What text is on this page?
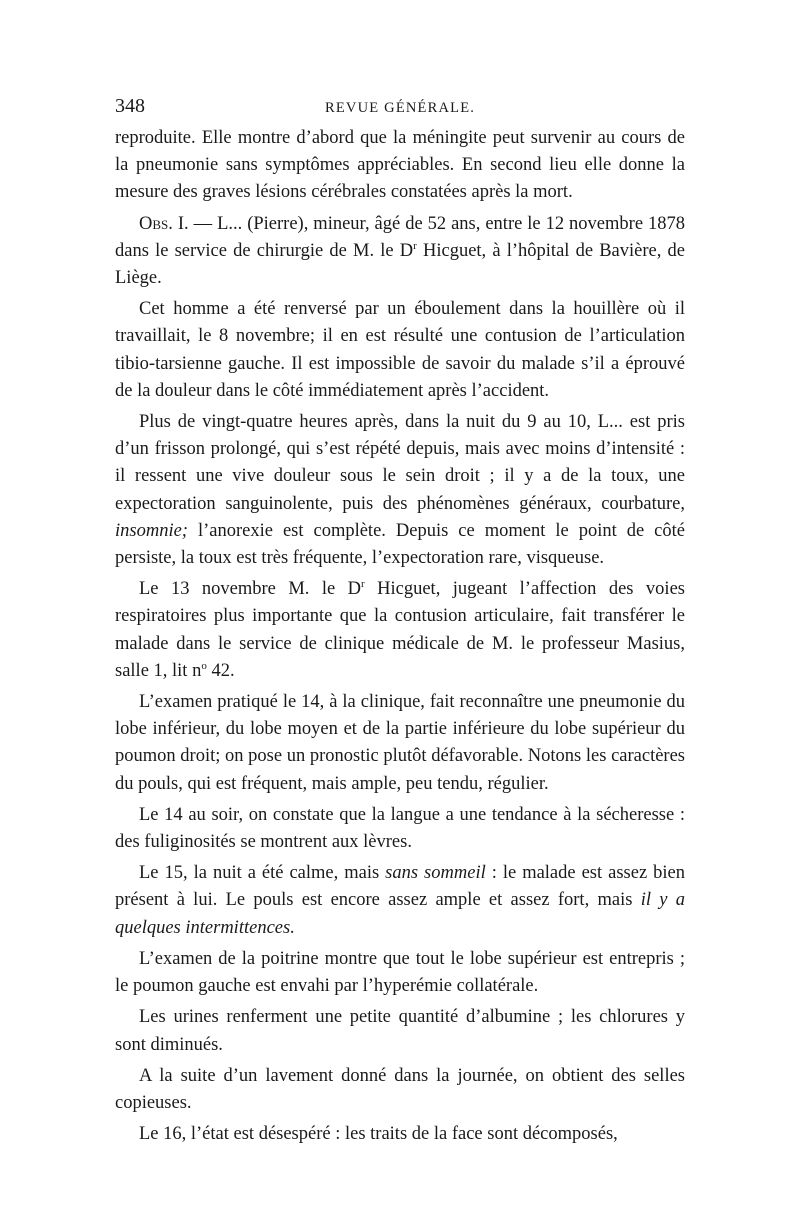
348	REVUE GÉNÉRALE.

reproduite. Elle montre d’abord que la méningite peut survenir au cours de la pneumonie sans symptômes appréciables. En second lieu elle donne la mesure des graves lésions cérébrales constatées après la mort.

Obs. I. — L... (Pierre), mineur, âgé de 52 ans, entre le 12 novembre 1878 dans le service de chirurgie de M. le $D^r$ Hicguet, à l’hôpital de Bavière, de Liège.

Cet homme a été renversé par un éboulement dans la houillère où il travaillait, le 8 novembre; il en est résulté une contusion de l’articulation tibio-tarsienne gauche. Il est impossible de savoir du malade s’il a éprouvé de la douleur dans le côté immédiatement après l’accident.

Plus de vingt-quatre heures après, dans la nuit du 9 au 10, L... est pris d’un frisson prolongé, qui s’est répété depuis, mais avec moins d’intensité : il ressent une vive douleur sous le sein droit ; il y a de la toux, une expectoration sanguinolente, puis des phénomènes généraux, courbature, insomnie; l’anorexie est complète. Depuis ce moment le point de côté persiste, la toux est très fréquente, l’expectoration rare, visqueuse.

Le 13 novembre M. le $D^r$ Hicguet, jugeant l’affection des voies respiratoires plus importante que la contusion articulaire, fait transférer le malade dans le service de clinique médicale de M. le professeur Masius, salle 1, lit $n^o$ 42.

L’examen pratiqué le 14, à la clinique, fait reconnaître une pneumonie du lobe inférieur, du lobe moyen et de la partie inférieure du lobe supérieur du poumon droit; on pose un pronostic plutôt défavorable. Notons les caractères du pouls, qui est fréquent, mais ample, peu tendu, régulier.

Le 14 au soir, on constate que la langue a une tendance à la sécheresse : des fuliginosités se montrent aux lèvres.

Le 15, la nuit a été calme, mais sans sommeil : le malade est assez bien présent à lui. Le pouls est encore assez ample et assez fort, mais il y a quelques intermittences.

L’examen de la poitrine montre que tout le lobe supérieur est entrepris ; le poumon gauche est envahi par l’hyperémie collatérale.

Les urines renferment une petite quantité d’albumine ; les chlorures y sont diminués.

A la suite d’un lavement donné dans la journée, on obtient des selles copieuses.

Le 16, l’état est désespéré : les traits de la face sont décomposés,
